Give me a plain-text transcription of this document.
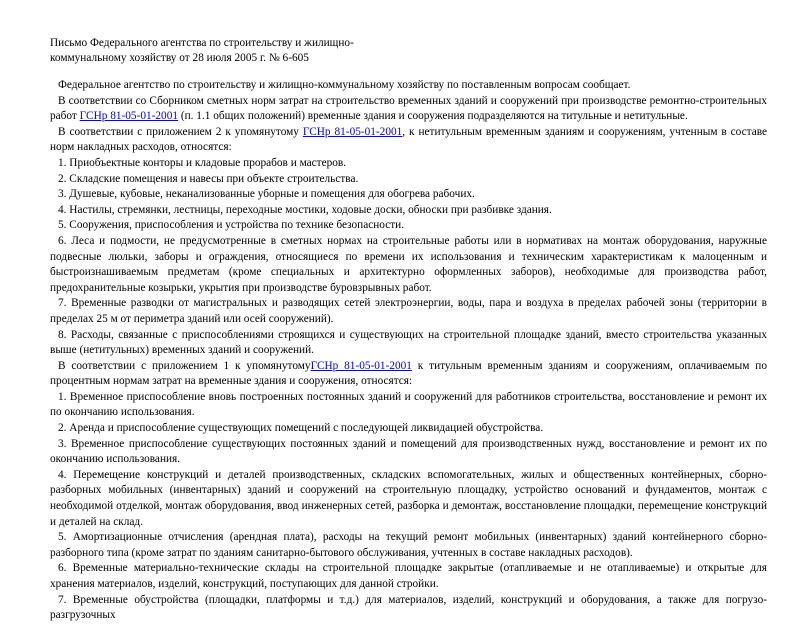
Письмо Федерального агентства по строительству и жилищно-коммунальному хозяйству от 28 июля 2005 г. № 6-605

Федеральное агентство по строительству и жилищно-коммунальному хозяйству по поставленным вопросам сообщает.

В соответствии со Сборником сметных норм затрат на строительство временных зданий и сооружений при производстве ремонтно-строительных работ ГСНр 81-05-01-2001 (п. 1.1 общих положений) временные здания и сооружения подразделяются на титульные и нетитульные.

В соответствии с приложением 2 к упомянутому ГСНр 81-05-01-2001, к нетитульным временным зданиям и сооружениям, учтенным в составе норм накладных расходов, относятся:

1. Приобъектные конторы и кладовые прорабов и мастеров.

2. Складские помещения и навесы при объекте строительства.

3. Душевые, кубовые, неканализованные уборные и помещения для обогрева рабочих.

4. Настилы, стремянки, лестницы, переходные мостики, ходовые доски, обноски при разбивке здания.

5. Сооружения, приспособления и устройства по технике безопасности.

6. Леса и подмости, не предусмотренные в сметных нормах на строительные работы или в нормативах на монтаж оборудования, наружные подвесные люльки, заборы и ограждения, относящиеся по времени их использования и техническим характеристикам к малоценным и быстроизнашиваемым предметам (кроме специальных и архитектурно оформленных заборов), необходимые для производства работ, предохранительные козырьки, укрытия при производстве буровзрывных работ.

7. Временные разводки от магистральных и разводящих сетей электроэнергии, воды, пара и воздуха в пределах рабочей зоны (территории в пределах 25 м от периметра зданий или осей сооружений).

8. Расходы, связанные с приспособлениями строящихся и существующих на строительной площадке зданий, вместо строительства указанных выше (нетитульных) временных зданий и сооружений.

В соответствии с приложением 1 к упомянутомуГСНр 81-05-01-2001 к титульным временным зданиям и сооружениям, оплачиваемым по процентным нормам затрат на временные здания и сооружения, относятся:

1. Временное приспособление вновь построенных постоянных зданий и сооружений для работников строительства, восстановление и ремонт их по окончанию использования.

2. Аренда и приспособление существующих помещений с последующей ликвидацией обустройства.

3. Временное приспособление существующих постоянных зданий и помещений для производственных нужд, восстановление и ремонт их по окончанию использования.

4. Перемещение конструкций и деталей производственных, складских вспомогательных, жилых и общественных контейнерных, сборно-разборных мобильных (инвентарных) зданий и сооружений на строительную площадку, устройство оснований и фундаментов, монтаж с необходимой отделкой, монтаж оборудования, ввод инженерных сетей, разборка и демонтаж, восстановление площадки, перемещение конструкций и деталей на склад.

5. Амортизационные отчисления (арендная плата), расходы на текущий ремонт мобильных (инвентарных) зданий контейнерного сборно-разборного типа (кроме затрат по зданиям санитарно-бытового обслуживания, учтенных в составе накладных расходов).

6. Временные материально-технические склады на строительной площадке закрытые (отапливаемые и не отапливаемые) и открытые для хранения материалов, изделий, конструкций, поступающих для данной стройки.

7. Временные обустройства (площадки, платформы и т.д.) для материалов, изделий, конструкций и оборудования, а также для погрузо- разгрузочных
